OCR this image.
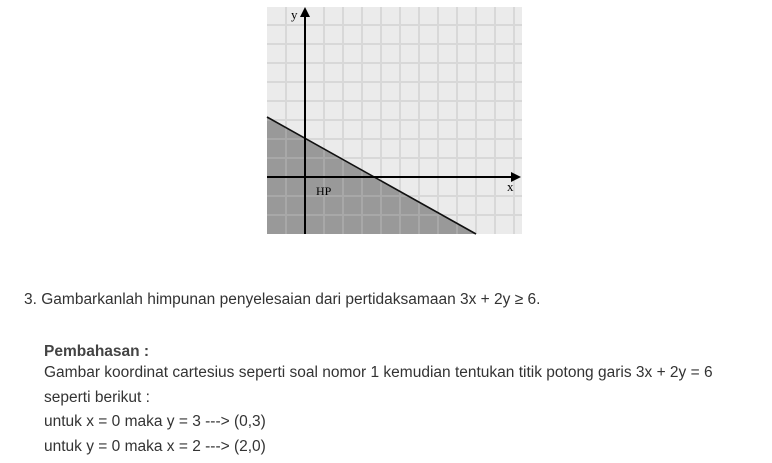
y
x
HP

3. Gambarkanlah himpunan penyelesaian dari pertidaksamaan 3x + 2y ≥ 6.

Pembahasan :

Gambar koordinat cartesius seperti soal nomor 1 kemudian tentukan titik potong garis 3x + 2y = 6
seperti berikut :
untuk x = 0 maka y = 3 ---> (0,3)
untuk y = 0 maka x = 2 ---> (2,0)
